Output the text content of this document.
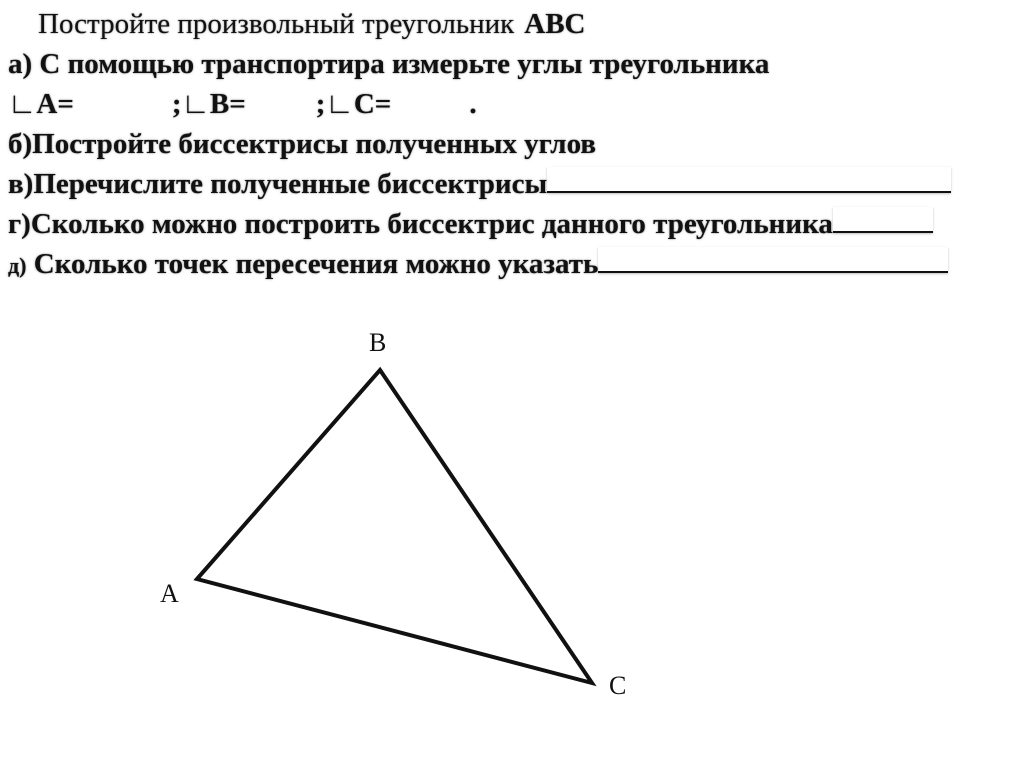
Постройте произвольный треугольник ABC
а) С помощью транспортира измерьте углы треугольника
∟А=	;∟В= ;∟С=	.
б)Постройте биссектрисы полученных углов
в)Перечислите полученные биссектрисы
г)Сколько можно построить биссектрис данного треугольника
д) Сколько точек пересечения можно указать
B
A
C
